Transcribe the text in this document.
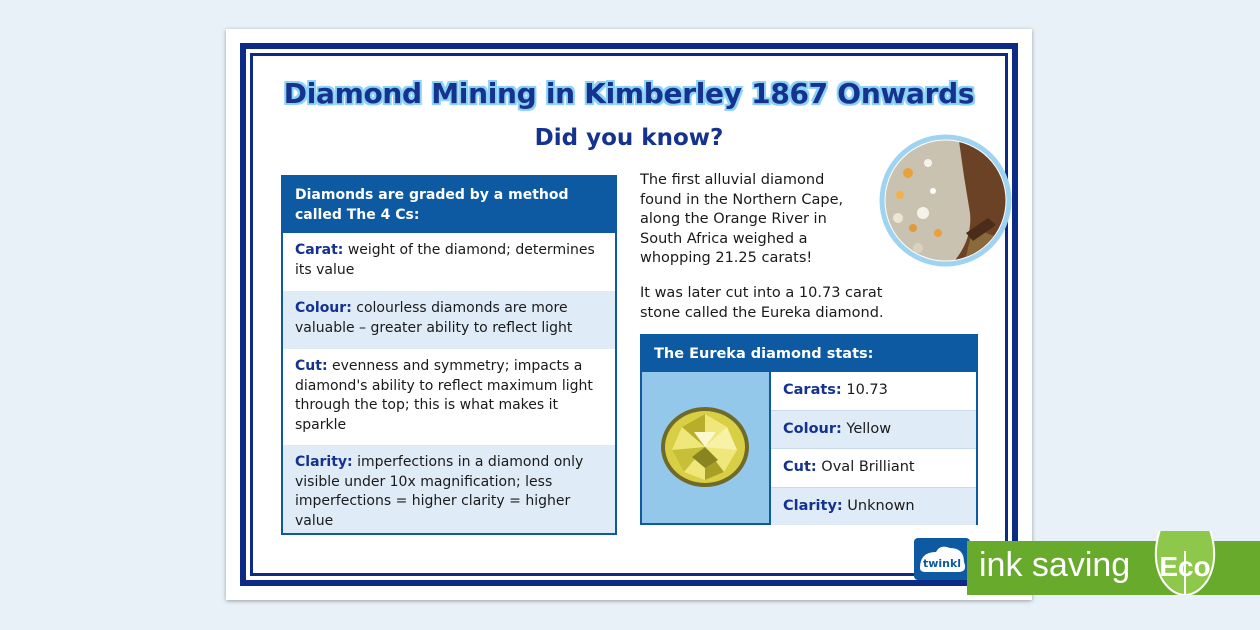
Diamond Mining in Kimberley 1867 Onwards
Did you know?
Diamonds are graded by a method called The 4 Cs:
Carat: weight of the diamond; determines its value
Colour: colourless diamonds are more valuable – greater ability to reflect light
Cut: evenness and symmetry; impacts a diamond's ability to reflect maximum light through the top; this is what makes it sparkle
Clarity: imperfections in a diamond only visible under 10x magnification; less imperfections = higher clarity = higher value
The first alluvial diamond found in the Northern Cape, along the Orange River in South Africa weighed a whopping 21.25 carats!
It was later cut into a 10.73 carat stone called the Eureka diamond.
The Eureka diamond stats:
Carats: 10.73
Colour: Yellow
Cut: Oval Brilliant
Clarity: Unknown
twinkl ink saving Eco
